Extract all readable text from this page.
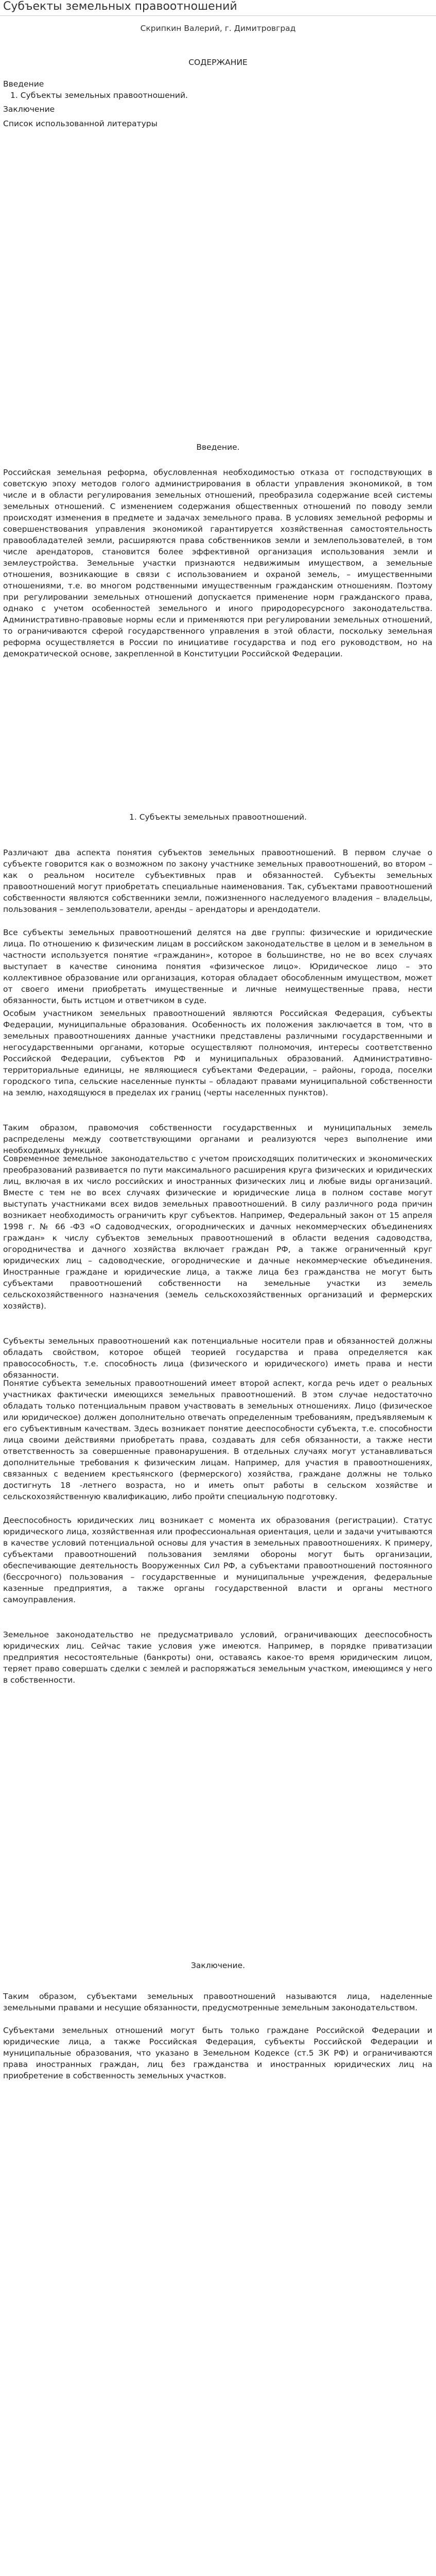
Субъекты земельных правоотношений

Скрипкин Валерий, г. Димитровград

СОДЕРЖАНИЕ

Введение

1. Субъекты земельных правоотношений.

Заключение

Список использованной литературы

Введение.

Российская земельная реформа, обусловленная необходимостью отказа от господствующих в советскую эпоху методов голого администрирования в области управления экономикой, в том числе и в области регулирования земельных отношений, преобразила содержание всей системы земельных отношений. С изменением содержания общественных отношений по поводу земли происходят изменения в предмете и задачах земельного права. В условиях земельной реформы и совершенствования управления экономикой гарантируется хозяйственная самостоятельность правообладателей земли, расширяются права собственников земли и землепользователей, в том числе арендаторов, становится более эффективной организация использования земли и землеустройства. Земельные участки признаются недвижимым имуществом, а земельные отношения, возникающие в связи с использованием и охраной земель, – имущественными отношениями, т.е. во многом родственными имущественным гражданским отношениям. Поэтому при регулировании земельных отношений допускается применение норм гражданского права, однако с учетом особенностей земельного и иного природоресурсного законодательства. Административно-правовые нормы если и применяются при регулировании земельных отношений, то ограничиваются сферой государственного управления в этой области, поскольку земельная реформа осуществляется в России по инициативе государства и под его руководством, но на демократической основе, закрепленной в Конституции Российской Федерации.

1. Субъекты земельных правоотношений.

Различают два аспекта понятия субъектов земельных правоотношений. В первом случае о субъекте говорится как о возможном по закону участнике земельных правоотношений, во втором – как о реальном носителе субъективных прав и обязанностей. Субъекты земельных правоотношений могут приобретать специальные наименования. Так, субъектами правоотношений собственности являются собственники земли, пожизненного наследуемого владения – владельцы, пользования – землепользователи, аренды – арендаторы и арендодатели.

Все субъекты земельных правоотношений делятся на две группы: физические и юридические лица. По отношению к физическим лицам в российском законодательстве в целом и в земельном в частности используется понятие «гражданин», которое в большинстве, но не во всех случаях выступает в качестве синонима понятия «физическое лицо». Юридическое лицо – это коллективное образование или организация, которая обладает обособленным имуществом, может от своего имени приобретать имущественные и личные неимущественные права, нести обязанности, быть истцом и ответчиком в суде.

Особым участником земельных правоотношений являются Российская Федерация, субъекты Федерации, муниципальные образования. Особенность их положения заключается в том, что в земельных правоотношениях данные участники представлены различными государственными и негосударственными органами, которые осуществляют полномочия, интересы соответственно Российской Федерации, субъектов РФ и муниципальных образований. Административно-территориальные единицы, не являющиеся субъектами Федерации, – районы, города, поселки городского типа, сельские населенные пункты – обладают правами муниципальной собственности на землю, находящуюся в пределах их границ (черты населенных пунктов).

Таким образом, правомочия собственности государственных и муниципальных земель распределены между соответствующими органами и реализуются через выполнение ими необходимых функций.

Современное земельное законодательство с учетом происходящих политических и экономических преобразований развивается по пути максимального расширения круга физических и юридических лиц, включая в их число российских и иностранных физических лиц и любые виды организаций. Вместе с тем не во всех случаях физические и юридические лица в полном составе могут выступать участниками всех видов земельных правоотношений. В силу различного рода причин возникает необходимость ограничить круг субъектов. Например, Федеральный закон от 15 апреля 1998 г. № 66 -ФЗ «О садоводческих, огороднических и дачных некоммерческих объединениях граждан» к числу субъектов земельных правоотношений в области ведения садоводства, огородничества и дачного хозяйства включает граждан РФ, а также ограниченный круг юридических лиц – садоводческие, огороднические и дачные некоммерческие объединения. Иностранные граждане и юридические лица, а также лица без гражданства не могут быть субъектами правоотношений собственности на земельные участки из земель сельскохозяйственного назначения (земель сельскохозяйственных организаций и фермерских хозяйств).

Субъекты земельных правоотношений как потенциальные носители прав и обязанностей должны обладать свойством, которое общей теорией государства и права определяется как правосособность, т.е. способность лица (физического и юридического) иметь права и нести обязанности.

Понятие субъекта земельных правоотношений имеет второй аспект, когда речь идет о реальных участниках фактически имеющихся земельных правоотношений. В этом случае недостаточно обладать только потенциальным правом участвовать в земельных отношениях. Лицо (физическое или юридическое) должен дополнительно отвечать определенным требованиям, предъявляемым к его субъективным качествам. Здесь возникает понятие дееспособности субъекта, т.е. способности лица своими действиями приобретать права, создавать для себя обязанности, а также нести ответственность за совершенные правонарушения. В отдельных случаях могут устанавливаться дополнительные требования к физическим лицам. Например, для участия в правоотношениях, связанных с ведением крестьянского (фермерского) хозяйства, граждане должны не только достигнуть 18 -летнего возраста, но и иметь опыт работы в сельском хозяйстве и сельскохозяйственную квалификацию, либо пройти специальную подготовку.

Дееспособность юридических лиц возникает с момента их образования (регистрации). Статус юридического лица, хозяйственная или профессиональная ориентация, цели и задачи учитываются в качестве условий потенциальной основы для участия в земельных правоотношениях. К примеру, субъектами правоотношений пользования землями обороны могут быть организации, обеспечивающие деятельность Вооруженных Сил РФ, а субъектами правоотношений постоянного (бессрочного) пользования – государственные и муниципальные учреждения, федеральные казенные предприятия, а также органы государственной власти и органы местного самоуправления.

Земельное законодательство не предусматривало условий, ограничивающих дееспособность юридических лиц. Сейчас такие условия уже имеются. Например, в порядке приватизации предприятия несостоятельные (банкроты) они, оставаясь какое-то время юридическим лицом, теряет право совершать сделки с землей и распоряжаться земельным участком, имеющимся у него в собственности.

Заключение.

Таким образом, субъектами земельных правоотношений называются лица, наделенные земельными правами и несущие обязанности, предусмотренные земельным законодательством.

Субъектами земельных отношений могут быть только граждане Российской Федерации и юридические лица, а также Российская Федерация, субъекты Российской Федерации и муниципальные образования, что указано в Земельном Кодексе (ст.5 ЗК РФ) и ограничиваются права иностранных граждан, лиц без гражданства и иностранных юридических лиц на приобретение в собственность земельных участков.
